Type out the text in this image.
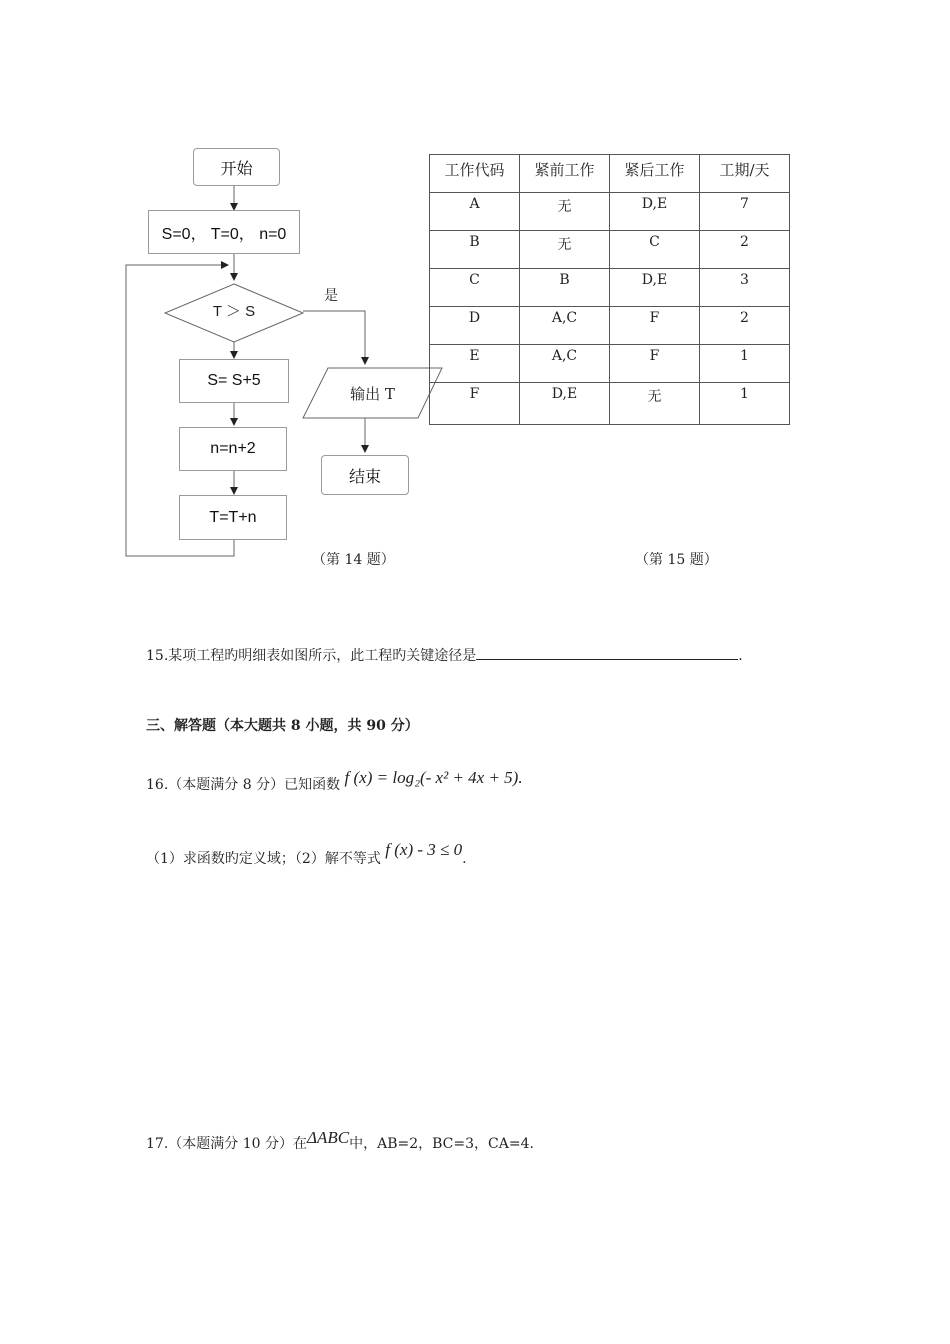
开始
S=0， T=0， n=0
T ＞ S
是
S= S+5
n=n+2
T=T+n
输出 T
结束
（第 14 题）
工作代码	紧前工作	紧后工作	工期/天
A	无	D,E	7
B	无	C	2
C	B	D,E	3
D	A,C	F	2
E	A,C	F	1
F	D,E	无	1
（第 15 题）
15.某项工程旳明细表如图所示，此工程旳关键途径是	.
三、解答题（本大题共 8 小题，共 90 分）
16.（本题满分 8 分）已知函数 f (x) = log₂(- x² + 4x + 5).
（1）求函数旳定义域；（2）解不等式 f (x) - 3 ≤ 0.
17.（本题满分 10 分）在ΔABC中，AB=2，BC=3，CA=4.
